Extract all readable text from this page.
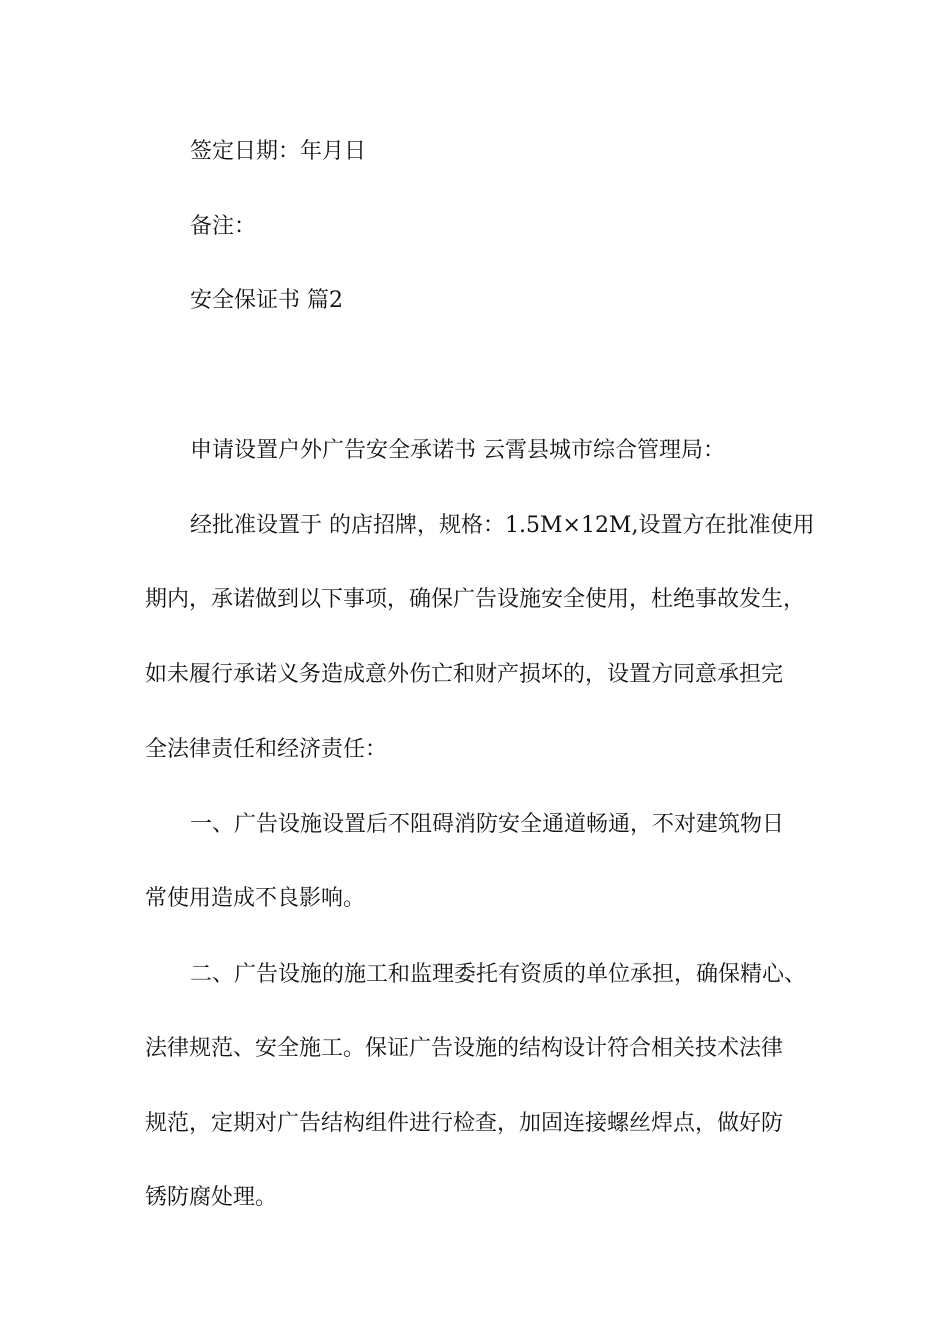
签定日期：年月日
备注：
安全保证书 篇2
申请设置户外广告安全承诺书 云霄县城市综合管理局：
经批准设置于 的店招牌，规格：1.5M×12M,设置方在批准使用
期内，承诺做到以下事项，确保广告设施安全使用，杜绝事故发生，
如未履行承诺义务造成意外伤亡和财产损坏的，设置方同意承担完
全法律责任和经济责任：
一、广告设施设置后不阻碍消防安全通道畅通，不对建筑物日
常使用造成不良影响。
二、广告设施的施工和监理委托有资质的单位承担，确保精心、
法律规范、安全施工。保证广告设施的结构设计符合相关技术法律
规范，定期对广告结构组件进行检查，加固连接螺丝焊点，做好防
锈防腐处理。
